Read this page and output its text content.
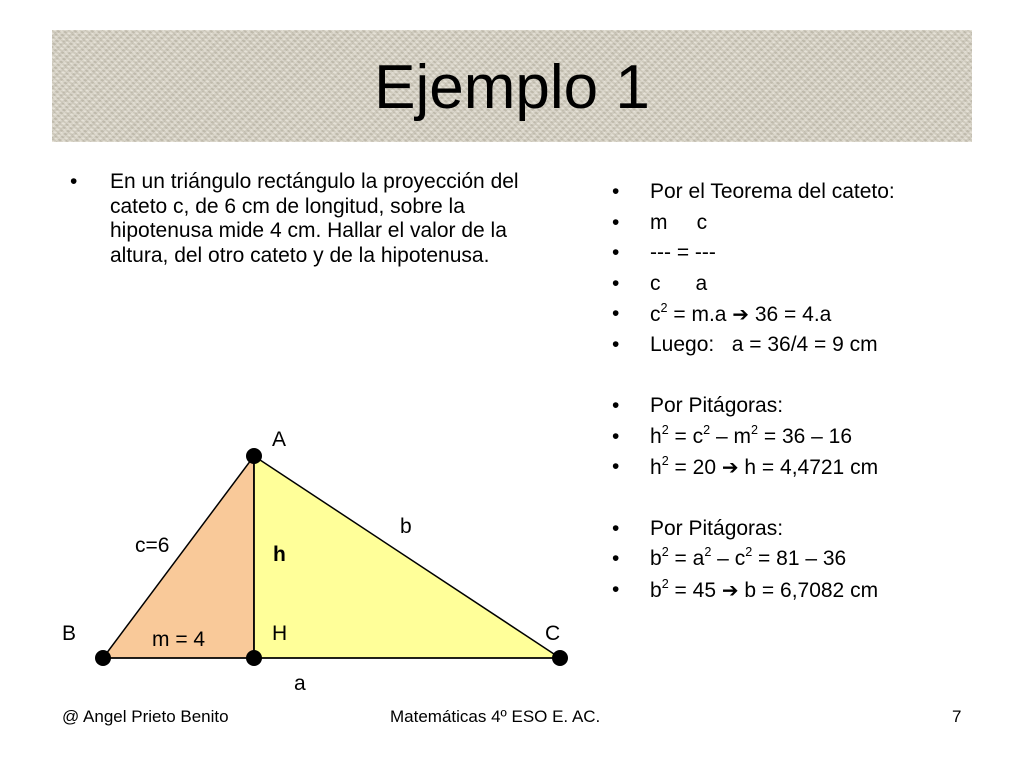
Ejemplo 1
• En un triángulo rectángulo la proyección del cateto c, de 6 cm de longitud, sobre la hipotenusa mide 4 cm. Hallar el valor de la altura, del otro cateto y de la hipotenusa.
• Por el Teorema del cateto:
• m     c
• --- = ---
• c      a
• $c^2 = m.a$ ➔ 36 = 4.a
• Luego:   a = 36/4 = 9 cm
• Por Pitágoras:
• $h^2 = c^2 - m^2 = 36 - 16$
• $h^2 = 20$ ➔ h = 4,4721 cm
• Por Pitágoras:
• $b^2 = a^2 - c^2 = 81 - 36$
• $b^2 = 45$ ➔ b = 6,7082 cm
A
B	C
H
h
b
c=6
m = 4
a
@ Angel Prieto Benito	Matemáticas 4º ESO E. AC.	7
